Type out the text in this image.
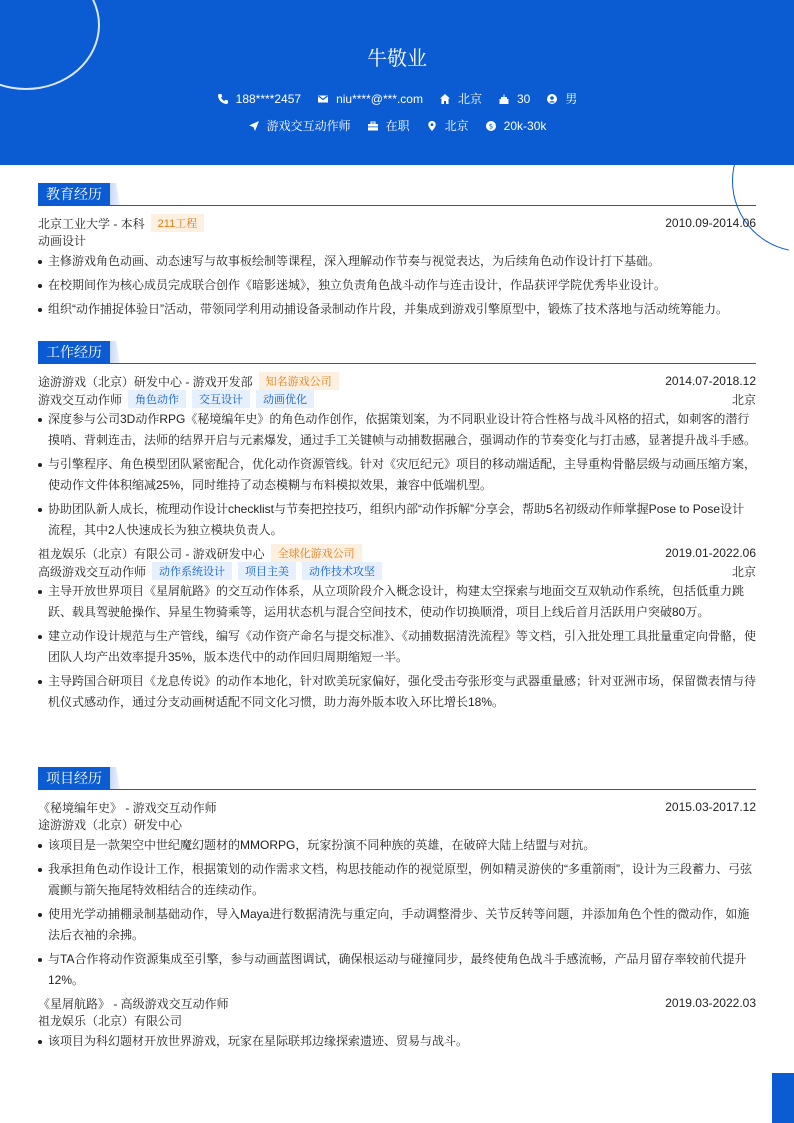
牛敬业
188****2457	niu****@***.com	北京	30	男
游戏交互动作师	在职	北京	$ 20k-30k
教育经历
北京工业大学 - 本科	211工程	2010.09-2014.06
动画设计
主修游戏角色动画、动态速写与故事板绘制等课程，深入理解动作节奏与视觉表达，为后续角色动作设计打下基础。
在校期间作为核心成员完成联合创作《暗影迷城》，独立负责角色战斗动作与连击设计，作品获评学院优秀毕业设计。
组织“动作捕捉体验日”活动，带领同学利用动捕设备录制动作片段，并集成到游戏引擎原型中，锻炼了技术落地与活动统筹能力。
工作经历
途游游戏（北京）研发中心 - 游戏开发部	知名游戏公司	2014.07-2018.12
游戏交互动作师	角色动作	交互设计	动画优化	北京
深度参与公司3D动作RPG《秘境编年史》的角色动作创作，依据策划案，为不同职业设计符合性格与战斗风格的招式，如刺客的潜行摸哨、背刺连击，法师的结界开启与元素爆发，通过手工关键帧与动捕数据融合，强调动作的节奏变化与打击感，显著提升战斗手感。
与引擎程序、角色模型团队紧密配合，优化动作资源管线。针对《灾厄纪元》项目的移动端适配，主导重构骨骼层级与动画压缩方案，使动作文件体积缩减25%，同时维持了动态模糊与布料模拟效果，兼容中低端机型。
协助团队新人成长，梳理动作设计checklist与节奏把控技巧，组织内部“动作拆解”分享会，帮助5名初级动作师掌握Pose to Pose设计流程，其中2人快速成长为独立模块负责人。
祖龙娱乐（北京）有限公司 - 游戏研发中心	全球化游戏公司	2019.01-2022.06
高级游戏交互动作师	动作系统设计	项目主美	动作技术攻坚	北京
主导开放世界项目《星屑航路》的交互动作体系，从立项阶段介入概念设计，构建太空探索与地面交互双轨动作系统，包括低重力跳跃、载具驾驶舱操作、异星生物骑乘等，运用状态机与混合空间技术，使动作切换顺滑，项目上线后首月活跃用户突破80万。
建立动作设计规范与生产管线，编写《动作资产命名与提交标准》、《动捕数据清洗流程》等文档，引入批处理工具批量重定向骨骼，使团队人均产出效率提升35%，版本迭代中的动作回归周期缩短一半。
主导跨国合研项目《龙息传说》的动作本地化，针对欧美玩家偏好，强化受击夸张形变与武器重量感；针对亚洲市场，保留微表情与待机仪式感动作，通过分支动画树适配不同文化习惯，助力海外版本收入环比增长18%。
项目经历
《秘境编年史》 - 游戏交互动作师	2015.03-2017.12
途游游戏（北京）研发中心
该项目是一款架空中世纪魔幻题材的MMORPG，玩家扮演不同种族的英雄，在破碎大陆上结盟与对抗。
我承担角色动作设计工作，根据策划的动作需求文档，构思技能动作的视觉原型，例如精灵游侠的“多重箭雨”，设计为三段蓄力、弓弦震颤与箭矢拖尾特效相结合的连续动作。
使用光学动捕棚录制基础动作，导入Maya进行数据清洗与重定向，手动调整滑步、关节反转等问题，并添加角色个性的微动作，如施法后衣袖的余拂。
与TA合作将动作资源集成至引擎，参与动画蓝图调试，确保根运动与碰撞同步，最终使角色战斗手感流畅，产品月留存率较前代提升12%。
《星屑航路》 - 高级游戏交互动作师	2019.03-2022.03
祖龙娱乐（北京）有限公司
该项目为科幻题材开放世界游戏，玩家在星际联邦边缘探索遗迹、贸易与战斗。
